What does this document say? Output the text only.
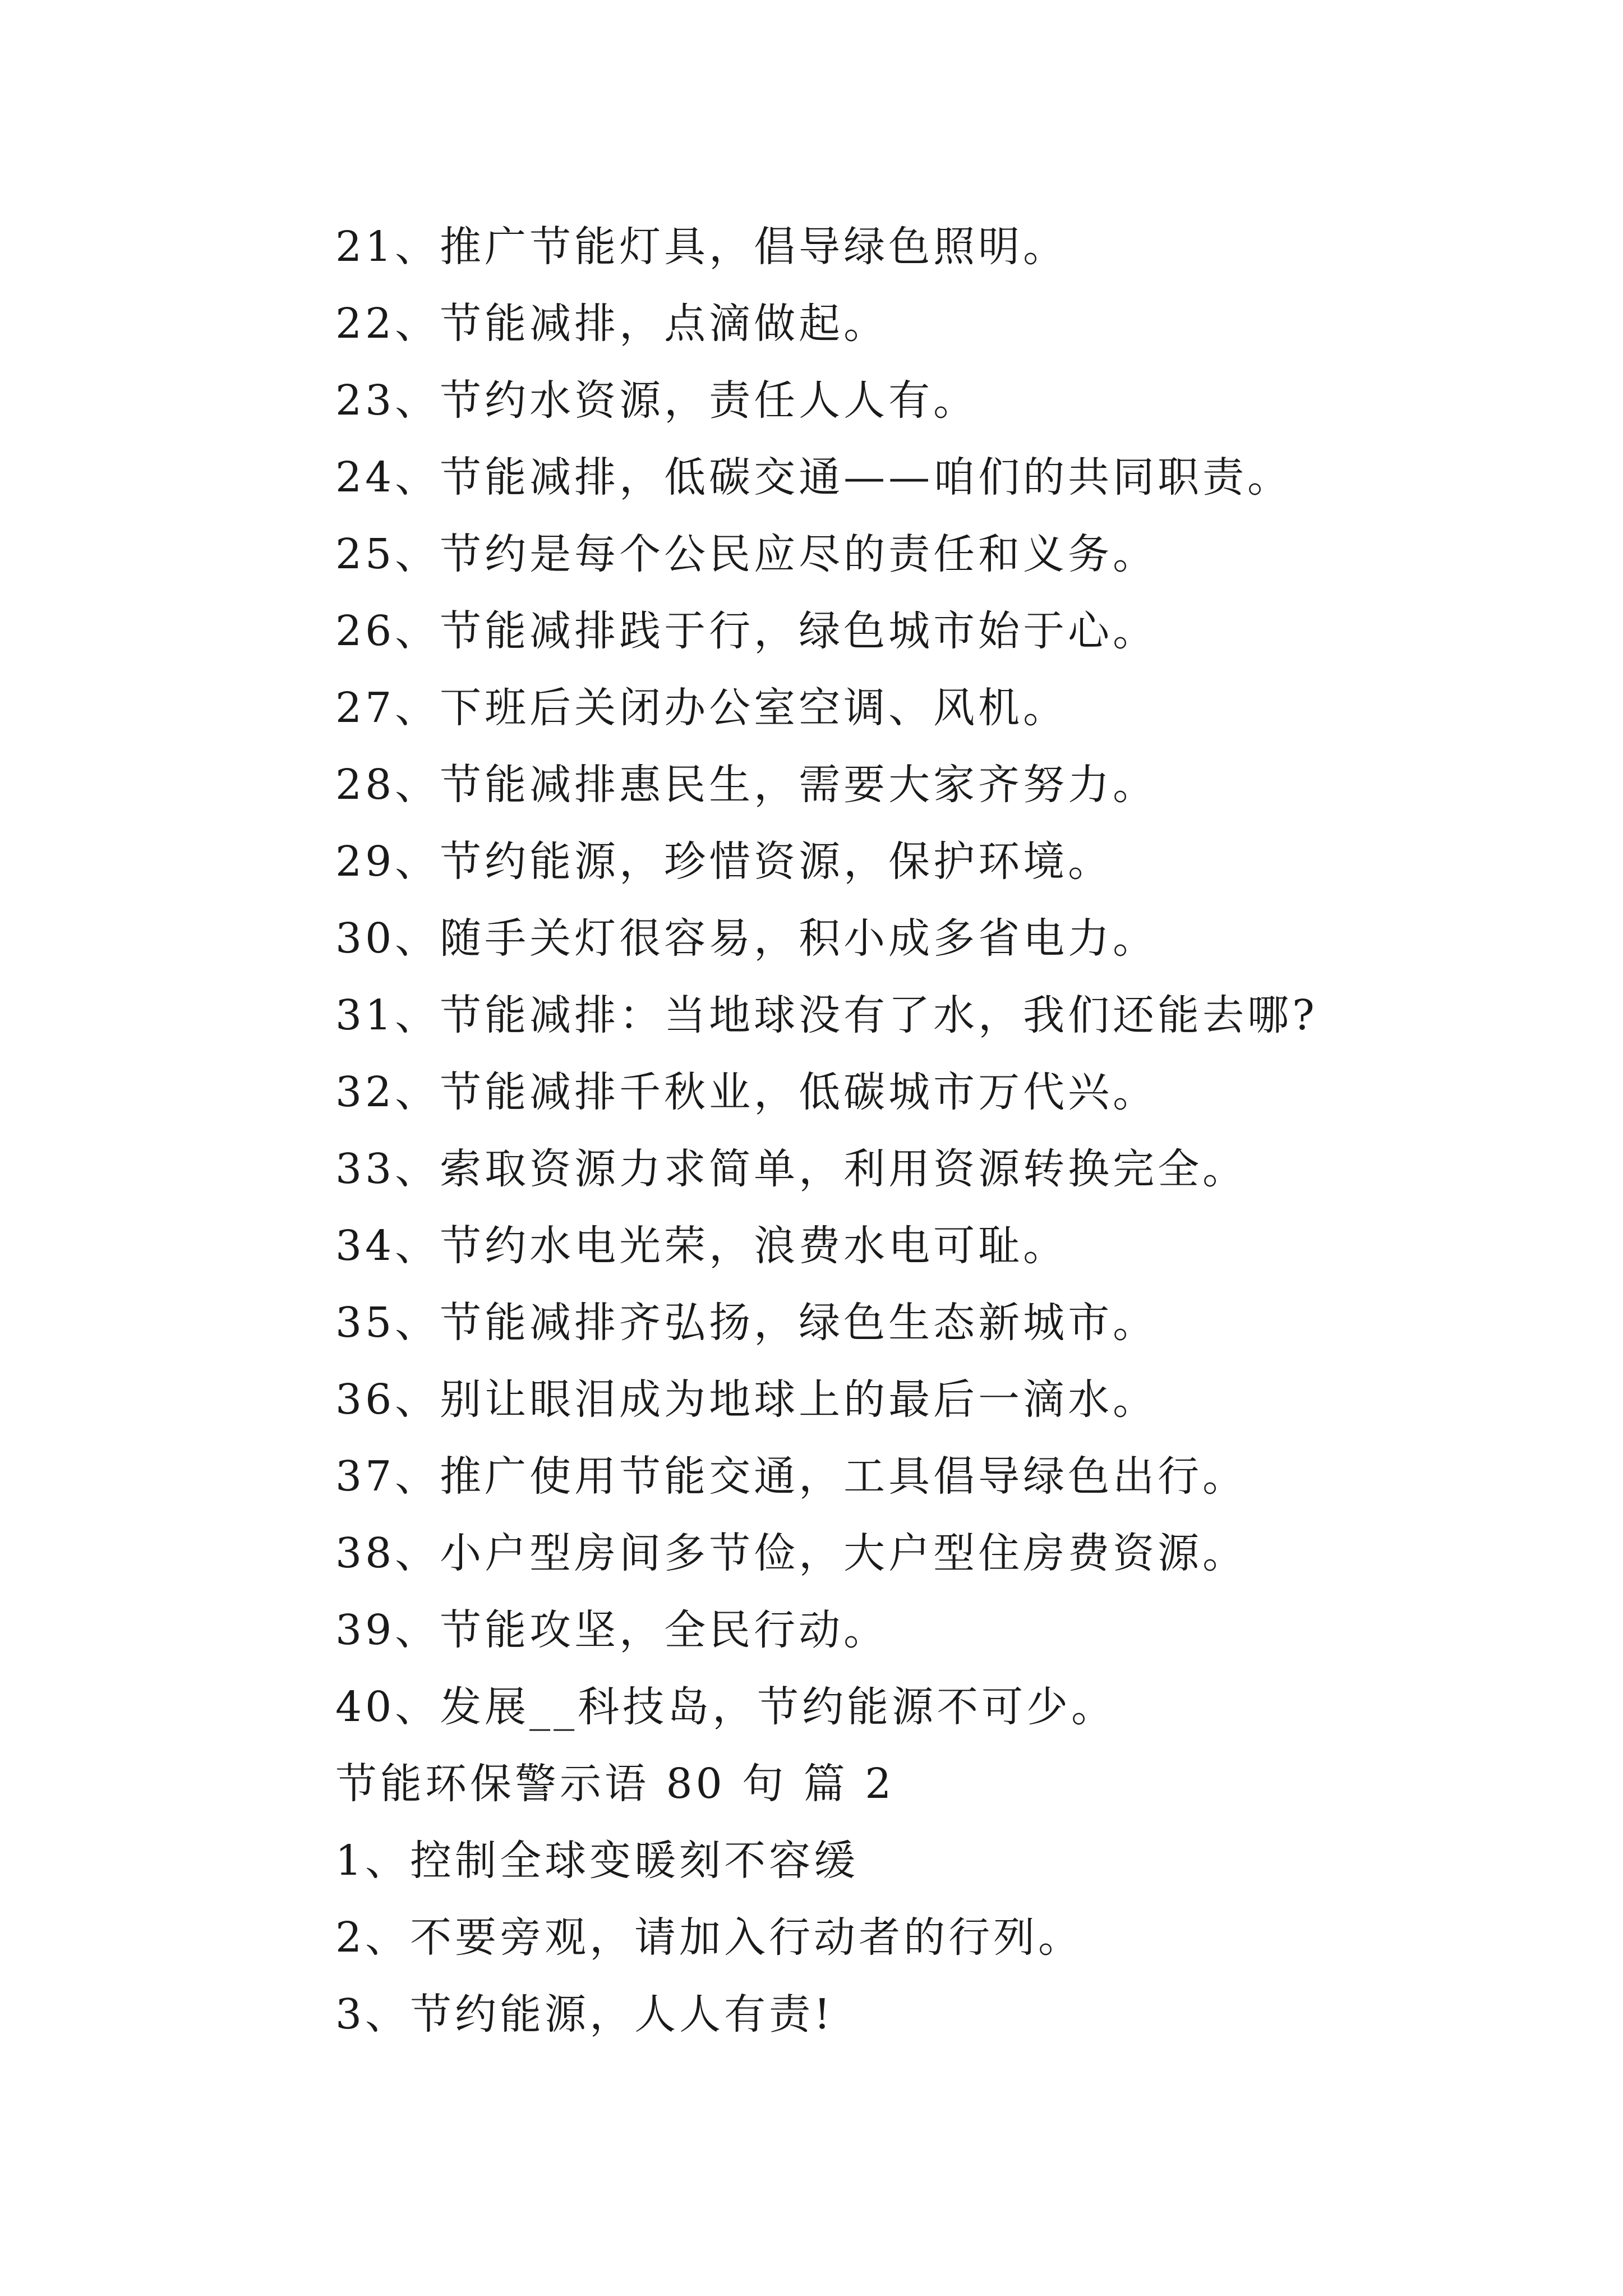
21、推广节能灯具，倡导绿色照明。
22、节能减排，点滴做起。
23、节约水资源，责任人人有。
24、节能减排，低碳交通——咱们的共同职责。
25、节约是每个公民应尽的责任和义务。
26、节能减排践于行，绿色城市始于心。
27、下班后关闭办公室空调、风机。
28、节能减排惠民生，需要大家齐努力。
29、节约能源，珍惜资源，保护环境。
30、随手关灯很容易，积小成多省电力。
31、节能减排：当地球没有了水，我们还能去哪?
32、节能减排千秋业，低碳城市万代兴。
33、索取资源力求简单，利用资源转换完全。
34、节约水电光荣，浪费水电可耻。
35、节能减排齐弘扬，绿色生态新城市。
36、别让眼泪成为地球上的最后一滴水。
37、推广使用节能交通，工具倡导绿色出行。
38、小户型房间多节俭，大户型住房费资源。
39、节能攻坚，全民行动。
40、发展__科技岛，节约能源不可少。
节能环保警示语 80 句 篇 2
1、控制全球变暖刻不容缓
2、不要旁观，请加入行动者的行列。
3、节约能源，人人有责!
